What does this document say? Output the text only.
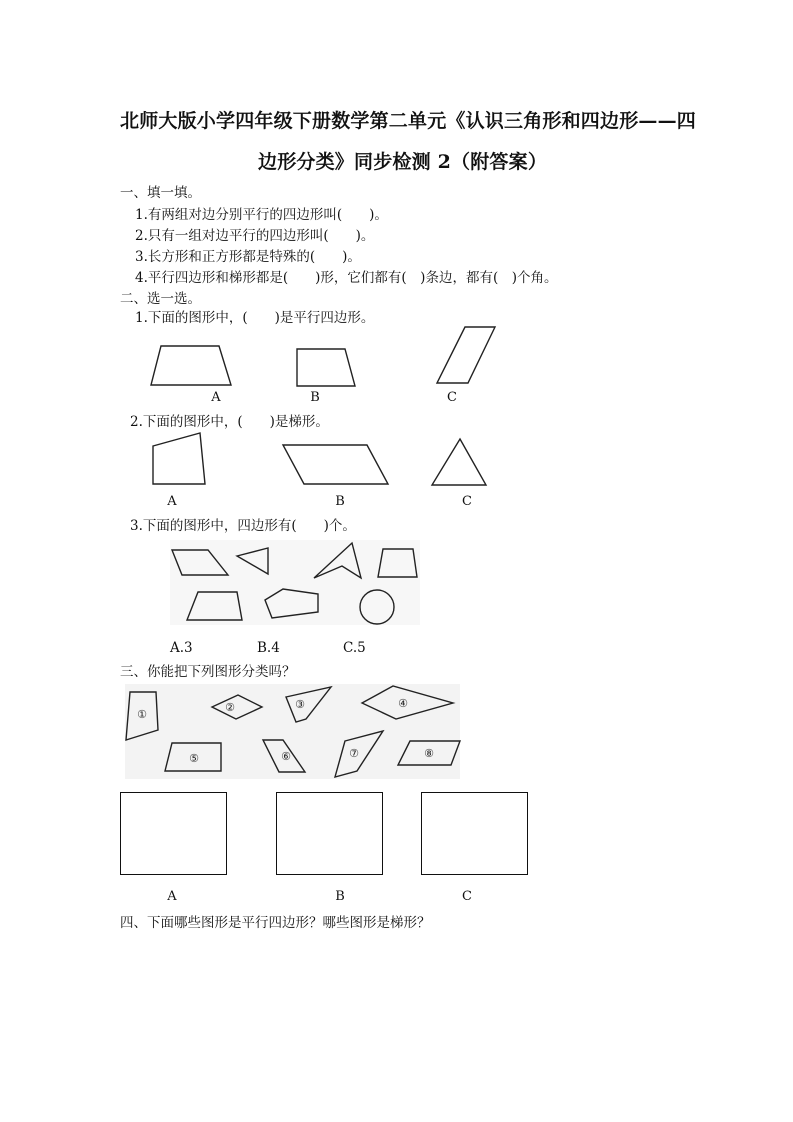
北师大版小学四年级下册数学第二单元《认识三角形和四边形——四
边形分类》同步检测 2（附答案）
一、填一填。
1.有两组对边分别平行的四边形叫(　　)。
2.只有一组对边平行的四边形叫(　　)。
3.长方形和正方形都是特殊的(　　)。
4.平行四边形和梯形都是(　　)形，它们都有(　)条边，都有(　)个角。
二、选一选。
1.下面的图形中，(　　)是平行四边形。
A	B	C
2.下面的图形中，(　　)是梯形。
A	B	C
3.下面的图形中，四边形有(　　)个。
A.3	B.4	C.5
三、你能把下列图形分类吗？
①
②	③	④
⑤	⑥	⑦	⑧
A	B	C
四、下面哪些图形是平行四边形？哪些图形是梯形？
